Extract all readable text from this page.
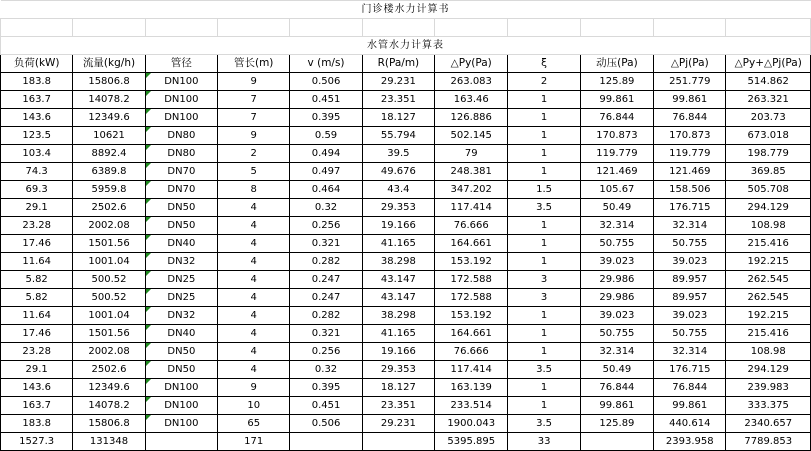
门诊楼水力计算书										

水管水力计算表										
负荷(kW)	流量(kg/h)	管径	管长(m)	v (m/s)	R(Pa/m)	△Py(Pa)	ξ	动压(Pa)	△Pj(Pa)	△Py+△Pj(Pa)
183.8	15806.8	DN100	9	0.506	29.231	263.083	2	125.89	251.779	514.862
163.7	14078.2	DN100	7	0.451	23.351	163.46	1	99.861	99.861	263.321
143.6	12349.6	DN100	7	0.395	18.127	126.886	1	76.844	76.844	203.73
123.5	10621	DN80	9	0.59	55.794	502.145	1	170.873	170.873	673.018
103.4	8892.4	DN80	2	0.494	39.5	79	1	119.779	119.779	198.779
74.3	6389.8	DN70	5	0.497	49.676	248.381	1	121.469	121.469	369.85
69.3	5959.8	DN70	8	0.464	43.4	347.202	1.5	105.67	158.506	505.708
29.1	2502.6	DN50	4	0.32	29.353	117.414	3.5	50.49	176.715	294.129
23.28	2002.08	DN50	4	0.256	19.166	76.666	1	32.314	32.314	108.98
17.46	1501.56	DN40	4	0.321	41.165	164.661	1	50.755	50.755	215.416
11.64	1001.04	DN32	4	0.282	38.298	153.192	1	39.023	39.023	192.215
5.82	500.52	DN25	4	0.247	43.147	172.588	3	29.986	89.957	262.545
5.82	500.52	DN25	4	0.247	43.147	172.588	3	29.986	89.957	262.545
11.64	1001.04	DN32	4	0.282	38.298	153.192	1	39.023	39.023	192.215
17.46	1501.56	DN40	4	0.321	41.165	164.661	1	50.755	50.755	215.416
23.28	2002.08	DN50	4	0.256	19.166	76.666	1	32.314	32.314	108.98
29.1	2502.6	DN50	4	0.32	29.353	117.414	3.5	50.49	176.715	294.129
143.6	12349.6	DN100	9	0.395	18.127	163.139	1	76.844	76.844	239.983
163.7	14078.2	DN100	10	0.451	23.351	233.514	1	99.861	99.861	333.375
183.8	15806.8	DN100	65	0.506	29.231	1900.043	3.5	125.89	440.614	2340.657
1527.3	131348		171			5395.895	33		2393.958	7789.853
